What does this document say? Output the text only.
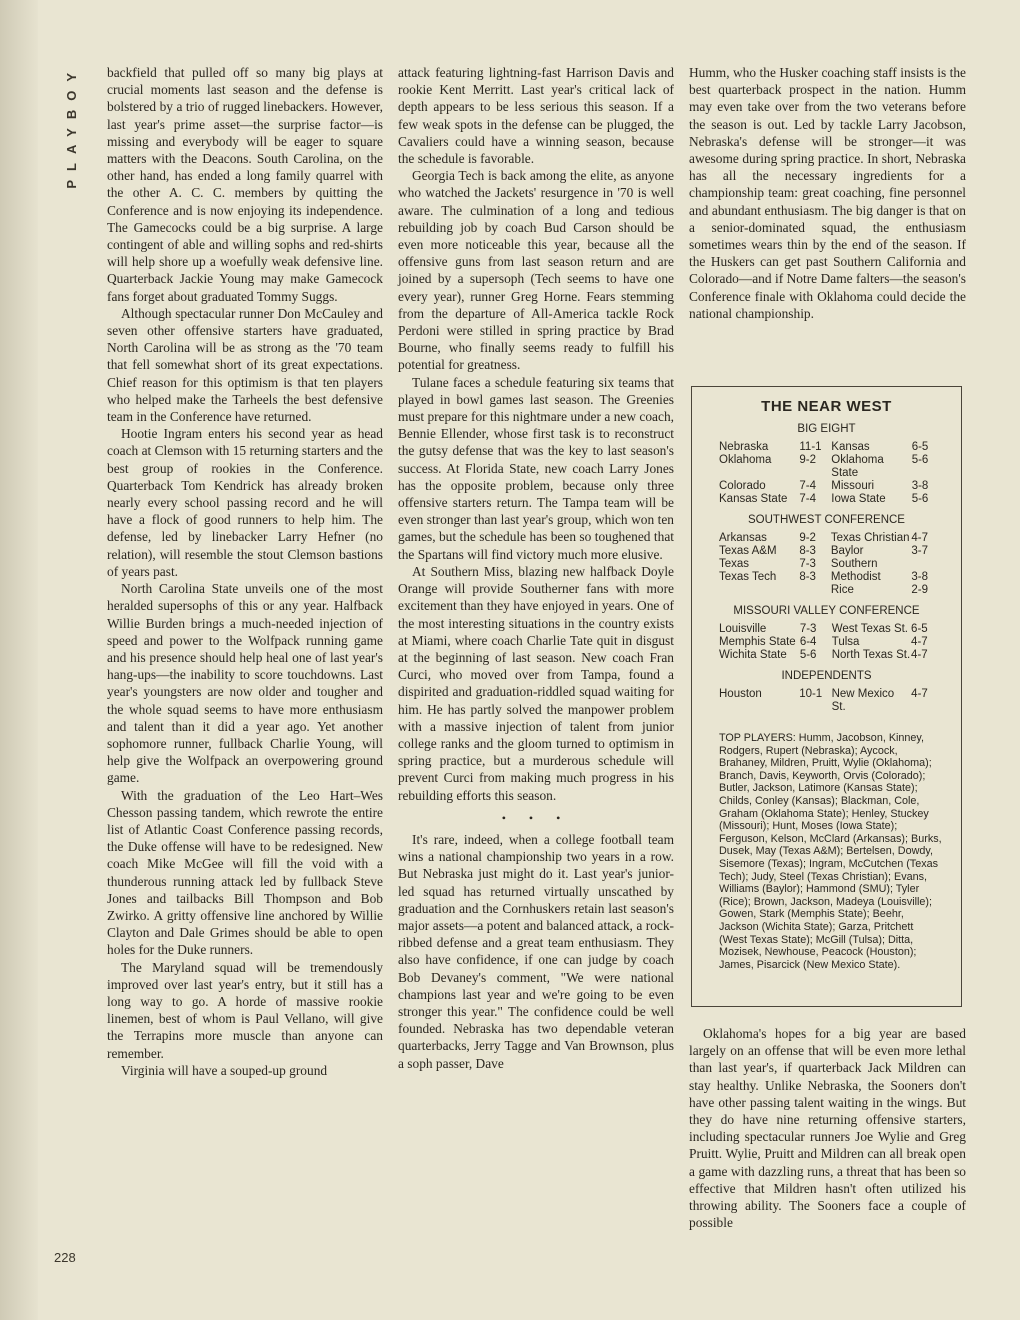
PLAYBOY
228

backfield that pulled off so many big plays at crucial moments last season and the defense is bolstered by a trio of rugged linebackers. However, last year's prime asset—the surprise factor—is missing and everybody will be eager to square matters with the Deacons. South Carolina, on the other hand, has ended a long family quarrel with the other A. C. C. members by quitting the Conference and is now enjoying its independence. The Gamecocks could be a big surprise. A large contingent of able and willing sophs and red-shirts will help shore up a woefully weak defensive line. Quarterback Jackie Young may make Gamecock fans forget about graduated Tommy Suggs.

Although spectacular runner Don McCauley and seven other offensive starters have graduated, North Carolina will be as strong as the '70 team that fell somewhat short of its great expectations. Chief reason for this optimism is that ten players who helped make the Tarheels the best defensive team in the Conference have returned.

Hootie Ingram enters his second year as head coach at Clemson with 15 returning starters and the best group of rookies in the Conference. Quarterback Tom Kendrick has already broken nearly every school passing record and he will have a flock of good runners to help him. The defense, led by linebacker Larry Hefner (no relation), will resemble the stout Clemson bastions of years past.

North Carolina State unveils one of the most heralded supersophs of this or any year. Halfback Willie Burden brings a much-needed injection of speed and power to the Wolfpack running game and his presence should help heal one of last year's hang-ups—the inability to score touchdowns. Last year's youngsters are now older and tougher and the whole squad seems to have more enthusiasm and talent than it did a year ago. Yet another sophomore runner, fullback Charlie Young, will help give the Wolfpack an overpowering ground game.

With the graduation of the Leo Hart–Wes Chesson passing tandem, which rewrote the entire list of Atlantic Coast Conference passing records, the Duke offense will have to be redesigned. New coach Mike McGee will fill the void with a thunderous running attack led by fullback Steve Jones and tailbacks Bill Thompson and Bob Zwirko. A gritty offensive line anchored by Willie Clayton and Dale Grimes should be able to open holes for the Duke runners.

The Maryland squad will be tremendously improved over last year's entry, but it still has a long way to go. A horde of massive rookie linemen, best of whom is Paul Vellano, will give the Terrapins more muscle than anyone can remember.

Virginia will have a souped-up ground

attack featuring lightning-fast Harrison Davis and rookie Kent Merritt. Last year's critical lack of depth appears to be less serious this season. If a few weak spots in the defense can be plugged, the Cavaliers could have a winning season, because the schedule is favorable.

Georgia Tech is back among the elite, as anyone who watched the Jackets' resurgence in '70 is well aware. The culmination of a long and tedious rebuilding job by coach Bud Carson should be even more noticeable this year, because all the offensive guns from last season return and are joined by a supersoph (Tech seems to have one every year), runner Greg Horne. Fears stemming from the departure of All-America tackle Rock Perdoni were stilled in spring practice by Brad Bourne, who finally seems ready to fulfill his potential for greatness.

Tulane faces a schedule featuring six teams that played in bowl games last season. The Greenies must prepare for this nightmare under a new coach, Bennie Ellender, whose first task is to reconstruct the gutsy defense that was the key to last season's success. At Florida State, new coach Larry Jones has the opposite problem, because only three offensive starters return. The Tampa team will be even stronger than last year's group, which won ten games, but the schedule has been so toughened that the Spartans will find victory much more elusive.

At Southern Miss, blazing new halfback Doyle Orange will provide Southerner fans with more excitement than they have enjoyed in years. One of the most interesting situations in the country exists at Miami, where coach Charlie Tate quit in disgust at the beginning of last season. New coach Fran Curci, who moved over from Tampa, found a dispirited and graduation-riddled squad waiting for him. He has partly solved the manpower problem with a massive injection of talent from junior college ranks and the gloom turned to optimism in spring practice, but a murderous schedule will prevent Curci from making much progress in his rebuilding efforts this season.

• • •

It's rare, indeed, when a college football team wins a national championship two years in a row. But Nebraska just might do it. Last year's junior-led squad has returned virtually unscathed by graduation and the Cornhuskers retain last season's major assets—a potent and balanced attack, a rock-ribbed defense and a great team enthusiasm. They also have confidence, if one can judge by coach Bob Devaney's comment, "We were national champions last year and we're going to be even stronger this year." The confidence could be well founded. Nebraska has two dependable veteran quarterbacks, Jerry Tagge and Van Brownson, plus a soph passer, Dave

Humm, who the Husker coaching staff insists is the best quarterback prospect in the nation. Humm may even take over from the two veterans before the season is out. Led by tackle Larry Jacobson, Nebraska's defense will be stronger—it was awesome during spring practice. In short, Nebraska has all the necessary ingredients for a championship team: great coaching, fine personnel and abundant enthusiasm. The big danger is that on a senior-dominated squad, the enthusiasm sometimes wears thin by the end of the season. If the Huskers can get past Southern California and Colorado—and if Notre Dame falters—the season's Conference finale with Oklahoma could decide the national championship.

THE NEAR WEST
BIG EIGHT
Nebraska	11-1	Kansas	6-5
Oklahoma	9-2	Oklahoma State	5-6
Colorado	7-4	Missouri	3-8
Kansas State	7-4	Iowa State	5-6
SOUTHWEST CONFERENCE
Arkansas	9-2	Texas Christian	4-7
Texas A&M	8-3	Baylor	3-7
Texas	7-3	Southern	
Texas Tech	8-3	Methodist	3-8
		Rice	2-9
MISSOURI VALLEY CONFERENCE
Louisville	7-3	West Texas St.	6-5
Memphis State	6-4	Tulsa	4-7
Wichita State	5-6	North Texas St.	4-7
INDEPENDENTS
Houston	10-1	New Mexico St.	4-7
TOP PLAYERS: Humm, Jacobson, Kinney, Rodgers, Rupert (Nebraska); Aycock, Brahaney, Mildren, Pruitt, Wylie (Oklahoma); Branch, Davis, Keyworth, Orvis (Colorado); Butler, Jackson, Latimore (Kansas State); Childs, Conley (Kansas); Blackman, Cole, Graham (Oklahoma State); Henley, Stuckey (Missouri); Hunt, Moses (Iowa State); Ferguson, Kelson, McClard (Arkansas); Burks, Dusek, May (Texas A&M); Bertelsen, Dowdy, Sisemore (Texas); Ingram, McCutchen (Texas Tech); Judy, Steel (Texas Christian); Evans, Williams (Baylor); Hammond (SMU); Tyler (Rice); Brown, Jackson, Madeya (Louisville); Gowen, Stark (Memphis State); Beehr, Jackson (Wichita State); Garza, Pritchett (West Texas State); McGill (Tulsa); Ditta, Mozisek, Newhouse, Peacock (Houston); James, Pisarcick (New Mexico State).

Oklahoma's hopes for a big year are based largely on an offense that will be even more lethal than last year's, if quarterback Jack Mildren can stay healthy. Unlike Nebraska, the Sooners don't have other passing talent waiting in the wings. But they do have nine returning offensive starters, including spectacular runners Joe Wylie and Greg Pruitt. Wylie, Pruitt and Mildren can all break open a game with dazzling runs, a threat that has been so effective that Mildren hasn't often utilized his throwing ability. The Sooners face a couple of possible
